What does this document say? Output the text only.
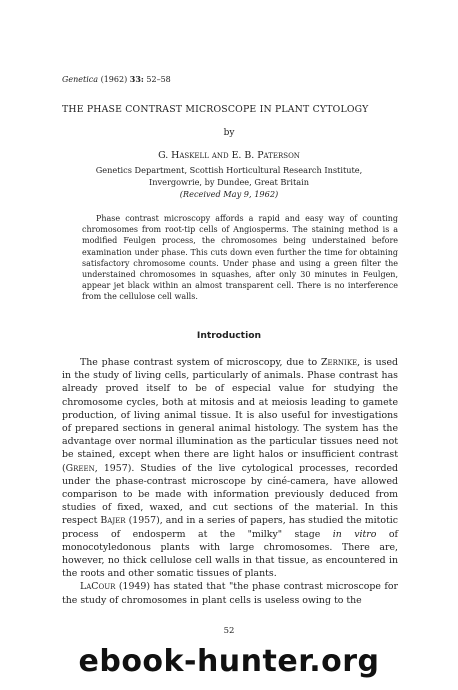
Genetica (1962) 33: 52–58
THE PHASE CONTRAST MICROSCOPE IN PLANT CYTOLOGY
by
G. Haskell and E. B. Paterson
Genetics Department, Scottish Horticultural Research Institute,
Invergowrie, by Dundee, Great Britain
(Received May 9, 1962)
Phase contrast microscopy affords a rapid and easy way of counting chromosomes from root-tip cells of Angiosperms. The staining method is a modified Feulgen process, the chromosomes being understained before examination under phase. This cuts down even further the time for obtaining satisfactory chromosome counts. Under phase and using a green filter the understained chromosomes in squashes, after only 30 minutes in Feulgen, appear jet black within an almost transparent cell. There is no interference from the cellulose cell walls.
Introduction

The phase contrast system of microscopy, due to Zernike, is used in the study of living cells, particularly of animals. Phase contrast has already proved itself to be of especial value for studying the chromosome cycles, both at mitosis and at meiosis leading to gamete production, of living animal tissue. It is also useful for investigations of prepared sections in general animal histology. The system has the advantage over normal illumination as the particular tissues need not be stained, except when there are light halos or insufficient contrast (Green, 1957). Studies of the live cytological processes, recorded under the phase-contrast microscope by ciné-camera, have allowed comparison to be made with information previously deduced from studies of fixed, waxed, and cut sections of the material. In this respect Bajer (1957), and in a series of papers, has studied the mitotic process of endosperm at the "milky" stage in vitro of monocotyledonous plants with large chromosomes. There are, however, no thick cellulose cell walls in that tissue, as encountered in the roots and other somatic tissues of plants.

LaCour (1949) has stated that "the phase contrast microscope for the study of chromosomes in plant cells is useless owing to the

52
ebook-hunter.org
